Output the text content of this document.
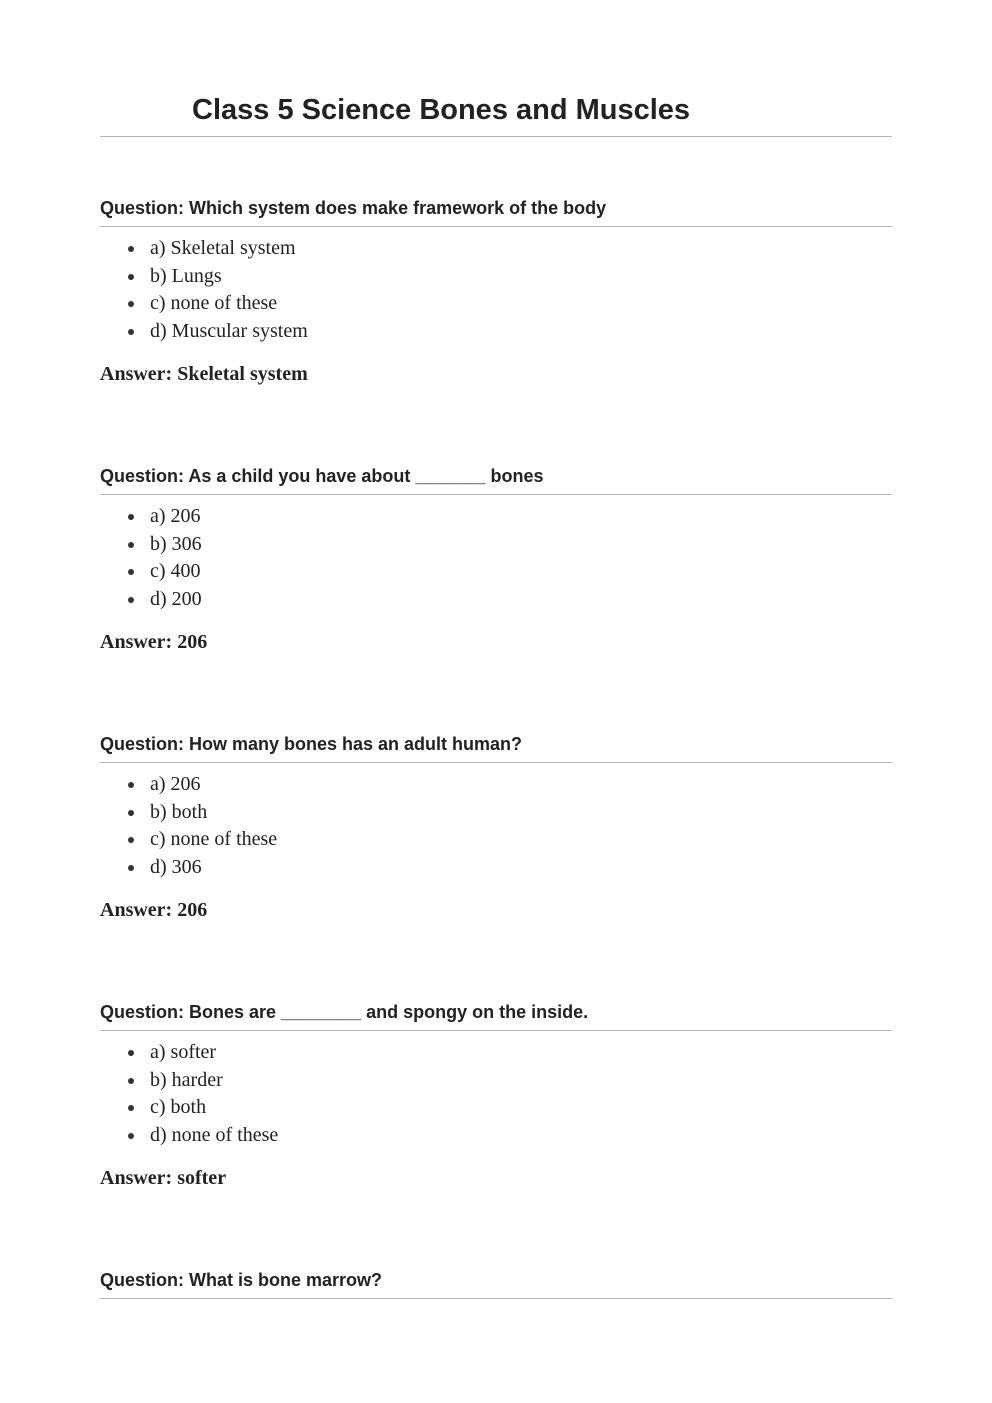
Class 5 Science Bones and Muscles
Question: Which system does make framework of the body
a) Skeletal system
b) Lungs
c) none of these
d) Muscular system

Answer: Skeletal system

Question: As a child you have about _______ bones
a) 206
b) 306
c) 400
d) 200

Answer: 206

Question: How many bones has an adult human?
a) 206
b) both
c) none of these
d) 306

Answer: 206

Question: Bones are ________ and spongy on the inside.
a) softer
b) harder
c) both
d) none of these

Answer: softer

Question: What is bone marrow?
